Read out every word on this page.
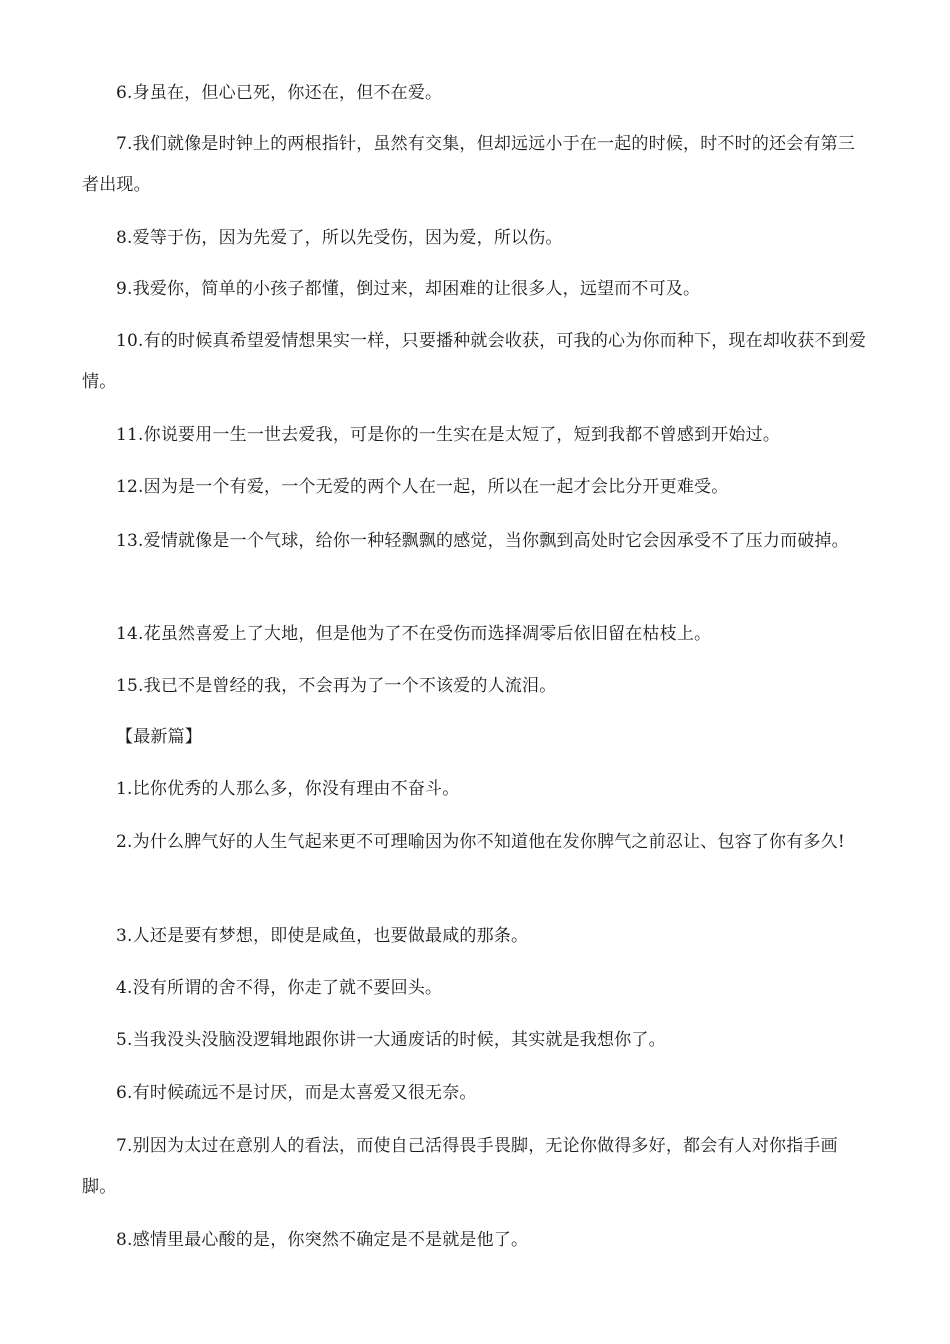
6.身虽在，但心已死，你还在，但不在爱。

7.我们就像是时钟上的两根指针，虽然有交集，但却远远小于在一起的时候，时不时的还会有第三者出现。

8.爱等于伤，因为先爱了，所以先受伤，因为爱，所以伤。

9.我爱你，简单的小孩子都懂，倒过来，却困难的让很多人，远望而不可及。

10.有的时候真希望爱情想果实一样，只要播种就会收获，可我的心为你而种下，现在却收获不到爱情。

11.你说要用一生一世去爱我，可是你的一生实在是太短了，短到我都不曾感到开始过。

12.因为是一个有爱，一个无爱的两个人在一起，所以在一起才会比分开更难受。

13.爱情就像是一个气球，给你一种轻飘飘的感觉，当你飘到高处时它会因承受不了压力而破掉。

14.花虽然喜爱上了大地，但是他为了不在受伤而选择凋零后依旧留在枯枝上。

15.我已不是曾经的我，不会再为了一个不该爱的人流泪。

【最新篇】

1.比你优秀的人那么多，你没有理由不奋斗。

2.为什么脾气好的人生气起来更不可理喻因为你不知道他在发你脾气之前忍让、包容了你有多久!

3.人还是要有梦想，即使是咸鱼，也要做最咸的那条。

4.没有所谓的舍不得，你走了就不要回头。

5.当我没头没脑没逻辑地跟你讲一大通废话的时候，其实就是我想你了。

6.有时候疏远不是讨厌，而是太喜爱又很无奈。

7.别因为太过在意别人的看法，而使自己活得畏手畏脚，无论你做得多好，都会有人对你指手画脚。

8.感情里最心酸的是，你突然不确定是不是就是他了。
